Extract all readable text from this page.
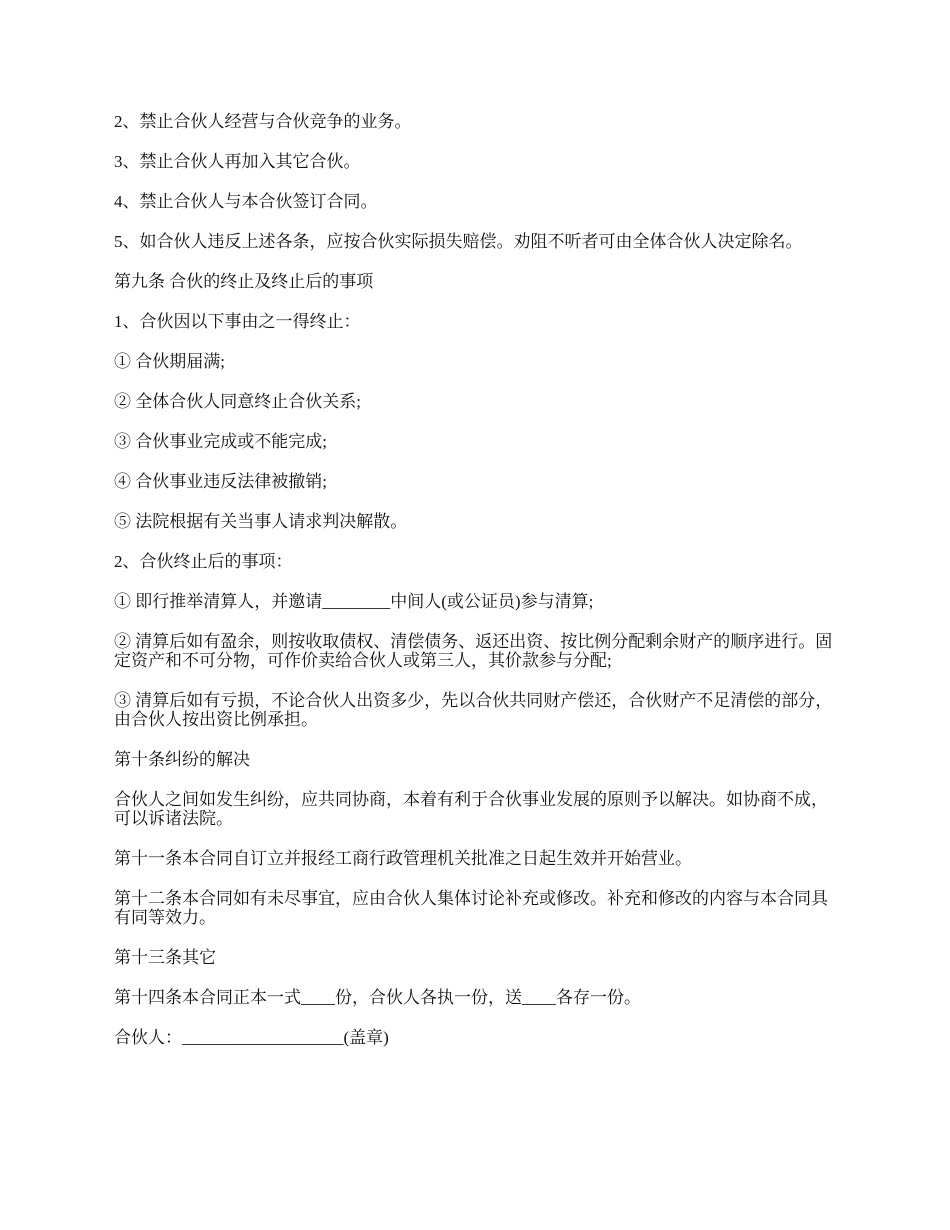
2、禁止合伙人经营与合伙竞争的业务。

3、禁止合伙人再加入其它合伙。

4、禁止合伙人与本合伙签订合同。

5、如合伙人违反上述各条，应按合伙实际损失赔偿。劝阻不听者可由全体合伙人决定除名。

第九条 合伙的终止及终止后的事项

1、合伙因以下事由之一得终止：

① 合伙期届满;

② 全体合伙人同意终止合伙关系;

③ 合伙事业完成或不能完成;

④ 合伙事业违反法律被撤销;

⑤ 法院根据有关当事人请求判决解散。

2、合伙终止后的事项：

① 即行推举清算人，并邀请________中间人(或公证员)参与清算;

② 清算后如有盈余，则按收取债权、清偿债务、返还出资、按比例分配剩余财产的顺序进行。固定资产和不可分物，可作价卖给合伙人或第三人，其价款参与分配;

③ 清算后如有亏损，不论合伙人出资多少，先以合伙共同财产偿还，合伙财产不足清偿的部分，由合伙人按出资比例承担。

第十条纠纷的解决

合伙人之间如发生纠纷，应共同协商，本着有利于合伙事业发展的原则予以解决。如协商不成，可以诉诸法院。

第十一条本合同自订立并报经工商行政管理机关批准之日起生效并开始营业。

第十二条本合同如有未尽事宜，应由合伙人集体讨论补充或修改。补充和修改的内容与本合同具有同等效力。

第十三条其它

第十四条本合同正本一式____份，合伙人各执一份，送____各存一份。

合伙人：___________________(盖章)
